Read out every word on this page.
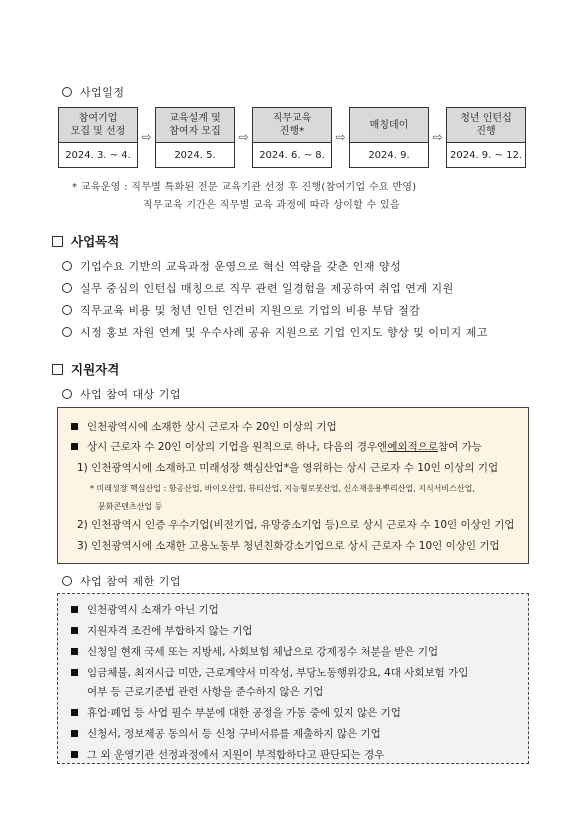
사업일정
참여기업
모집 및 선정
2024. 3. ~ 4.
⇨
교육설계 및
참여자 모집
2024. 5.
⇨
직무교육
진행*
2024. 6. ~ 8.
⇨
매칭데이
2024. 9.
⇨
청년 인턴십
진행
2024. 9. ~ 12.
* 교육운영 : 직무별 특화된 전문 교육기관 선정 후 진행(참여기업 수요 반영)
직무교육 기간은 직무별 교육 과정에 따라 상이할 수 있음
사업목적
기업수요 기반의 교육과정 운영으로 혁신 역량을 갖춘 인재 양성
실무 중심의 인턴십 매칭으로 직무 관련 일경험을 제공하여 취업 연계 지원
직무교육 비용 및 청년 인턴 인건비 지원으로 기업의 비용 부담 절감
시정 홍보 자원 연계 및 우수사례 공유 지원으로 기업 인지도 향상 및 이미지 제고
지원자격
사업 참여 대상 기업
인천광역시에 소재한 상시 근로자 수 20인 이상의 기업
상시 근로자 수 20인 이상의 기업을 원칙으로 하나, 다음의 경우엔 예외적으로 참여 가능
1) 인천광역시에 소재하고 미래성장 핵심산업*을 영위하는 상시 근로자 수 10인 이상의 기업
* 미래성장 핵심산업 : 항공산업, 바이오산업, 뷰티산업, 지능형로봇산업, 신소재응용뿌리산업, 지식서비스산업,
문화콘텐츠산업 등
2) 인천광역시 인증 우수기업(비전기업, 유망중소기업 등)으로 상시 근로자 수 10인 이상인 기업
3) 인천광역시에 소재한 고용노동부 청년친화강소기업으로 상시 근로자 수 10인 이상인 기업
사업 참여 제한 기업
인천광역시 소재가 아닌 기업
지원자격 조건에 부합하지 않는 기업
신청일 현재 국세 또는 지방세, 사회보험 체납으로 강제징수 처분을 받은 기업
임금체불, 최저시급 미만, 근로계약서 미작성, 부당노동행위강요, 4대 사회보험 가입
여부 등 근로기준법 관련 사항을 준수하지 않은 기업
휴업·폐업 등 사업 필수 부분에 대한 공정을 가동 중에 있지 않은 기업
신청서, 정보제공 동의서 등 신청 구비서류를 제출하지 않은 기업
그 외 운영기관 선정과정에서 지원이 부적합하다고 판단되는 경우
